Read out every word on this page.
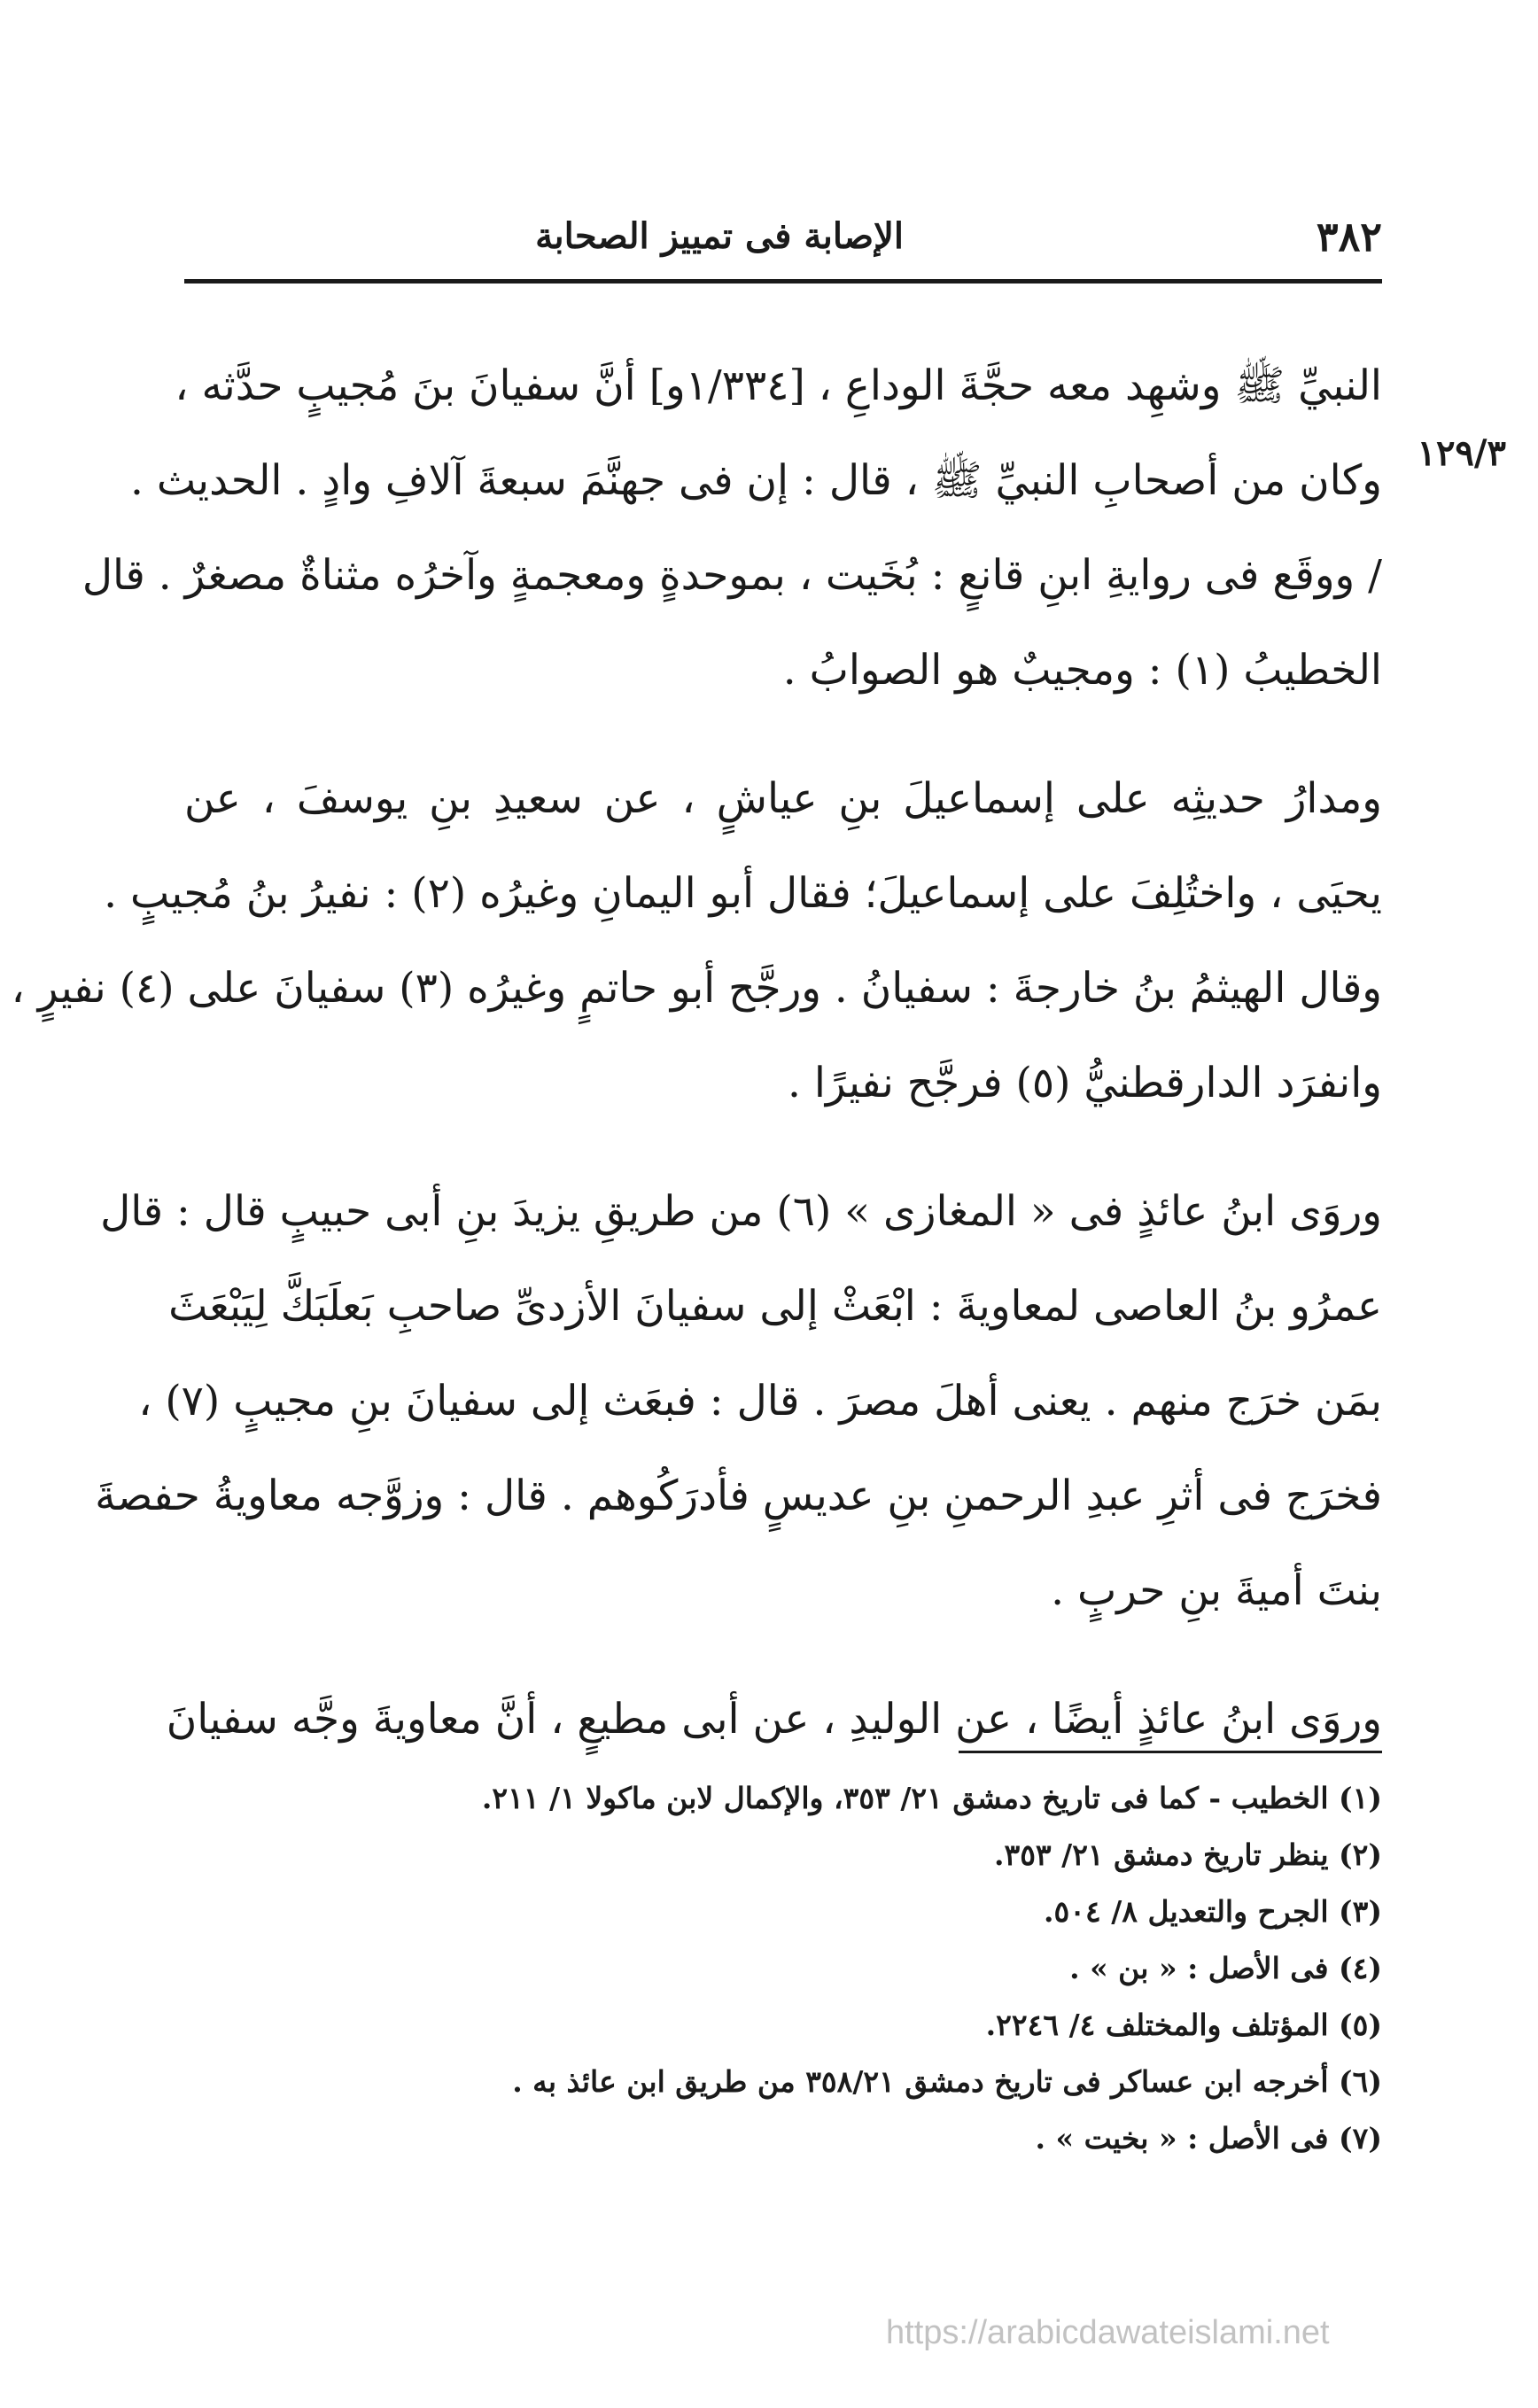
٣٨٢
الإصابة فى تمييز الصحابة
١٢٩/٣
النبيِّ ﷺ وشهِد معه حجَّةَ الوداعِ ، [١/٣٣٤و] أنَّ سفيانَ بنَ مُجيبٍ حدَّثه ،
وكان من أصحابِ النبيِّ ﷺ ، قال : إن فى جهنَّمَ سبعةَ آلافِ وادٍ . الحديث .
/ ووقَع فى روايةِ ابنِ قانعٍ : بُخَيت ، بموحدةٍ ومعجمةٍ وآخرُه مثناةٌ مصغرٌ . قال
الخطيبُ (١) : ومجيبٌ هو الصوابُ .
ومدارُ حديثِه على إسماعيلَ بنِ عياشٍ ، عن سعيدِ بنِ يوسفَ ، عن
يحيَى ، واختُلِفَ على إسماعيلَ؛ فقال أبو اليمانِ وغيرُه (٢) : نفيرُ بنُ مُجيبٍ .
وقال الهيثمُ بنُ خارجةَ : سفيانُ . ورجَّح أبو حاتمٍ وغيرُه (٣) سفيانَ على (٤) نفيرٍ ،
وانفرَد الدارقطنيُّ (٥) فرجَّح نفيرًا .
وروَى ابنُ عائذٍ فى « المغازى » (٦) من طريقِ يزيدَ بنِ أبى حبيبٍ قال : قال
عمرُو بنُ العاصى لمعاويةَ : ابْعَثْ إلى سفيانَ الأزدىِّ صاحبِ بَعلَبَكَّ لِيَبْعَثَ
بمَن خرَج منهم . يعنى أهلَ مصرَ . قال : فبعَث إلى سفيانَ بنِ مجيبٍ (٧) ،
فخرَج فى أثرِ عبدِ الرحمنِ بنِ عديسٍ فأدرَكُوهم . قال : وزوَّجه معاويةُ حفصةَ
بنتَ أميةَ بنِ حربٍ .
وروَى ابنُ عائذٍ أيضًا ، عن الوليدِ ، عن أبى مطيعٍ ، أنَّ معاويةَ وجَّه سفيانَ
(١) الخطيب - كما فى تاريخ دمشق ٢١/ ٣٥٣، والإكمال لابن ماكولا ١/ ٢١١.
(٢) ينظر تاريخ دمشق ٢١/ ٣٥٣.
(٣) الجرح والتعديل ٨/ ٥٠٤.
(٤) فى الأصل : « بن » .
(٥) المؤتلف والمختلف ٤/ ٢٢٤٦.
(٦) أخرجه ابن عساكر فى تاريخ دمشق ٣٥٨/٢١ من طريق ابن عائذ به .
(٧) فى الأصل : « بخيت » .
https://arabicdawateislami.net
